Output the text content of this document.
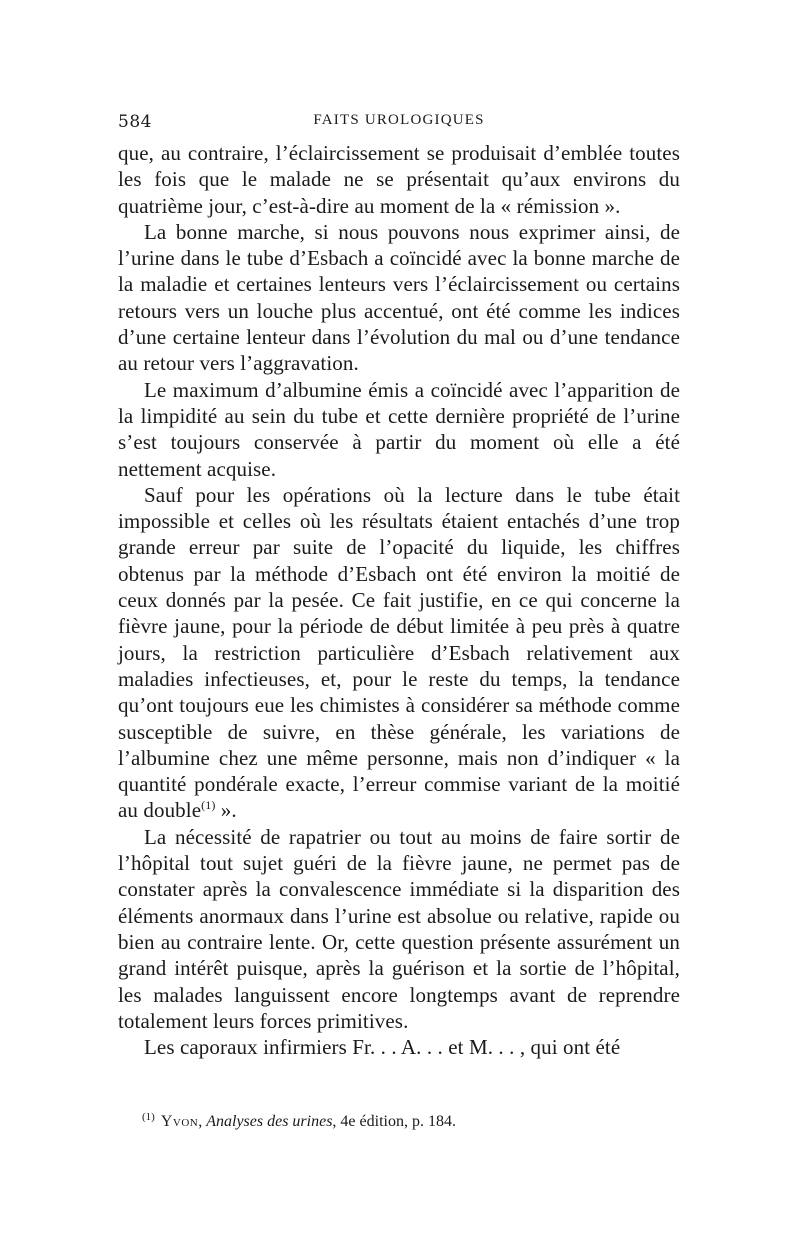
584	FAITS UROLOGIQUES

que, au contraire, l’éclaircissement se produisait d’emblée toutes les fois que le malade ne se présentait qu’aux environs du quatrième jour, c’est-à-dire au moment de la « rémission ».

La bonne marche, si nous pouvons nous exprimer ainsi, de l’urine dans le tube d’Esbach a coïncidé avec la bonne marche de la maladie et certaines lenteurs vers l’éclaircissement ou certains retours vers un louche plus accentué, ont été comme les indices d’une certaine lenteur dans l’évolution du mal ou d’une tendance au retour vers l’aggravation.

Le maximum d’albumine émis a coïncidé avec l’apparition de la limpidité au sein du tube et cette dernière propriété de l’urine s’est toujours conservée à partir du moment où elle a été nettement acquise.

Sauf pour les opérations où la lecture dans le tube était impossible et celles où les résultats étaient entachés d’une trop grande erreur par suite de l’opacité du liquide, les chiffres obtenus par la méthode d’Esbach ont été environ la moitié de ceux donnés par la pesée. Ce fait justifie, en ce qui concerne la fièvre jaune, pour la période de début limitée à peu près à quatre jours, la restriction particulière d’Esbach relativement aux maladies infectieuses, et, pour le reste du temps, la tendance qu’ont toujours eue les chimistes à considérer sa méthode comme susceptible de suivre, en thèse générale, les variations de l’albumine chez une même personne, mais non d’indiquer « la quantité pondérale exacte, l’erreur commise variant de la moitié au double$^{(1)}$ ».

La nécessité de rapatrier ou tout au moins de faire sortir de l’hôpital tout sujet guéri de la fièvre jaune, ne permet pas de constater après la convalescence immédiate si la disparition des éléments anormaux dans l’urine est absolue ou relative, rapide ou bien au contraire lente. Or, cette question présente assurément un grand intérêt puisque, après la guérison et la sortie de l’hôpital, les malades languissent encore longtemps avant de reprendre totalement leurs forces primitives.

Les caporaux infirmiers Fr. . . A. . . et M. . . , qui ont été

$^{(1)}$ Yvon, Analyses des urines, 4e édition, p. 184.
